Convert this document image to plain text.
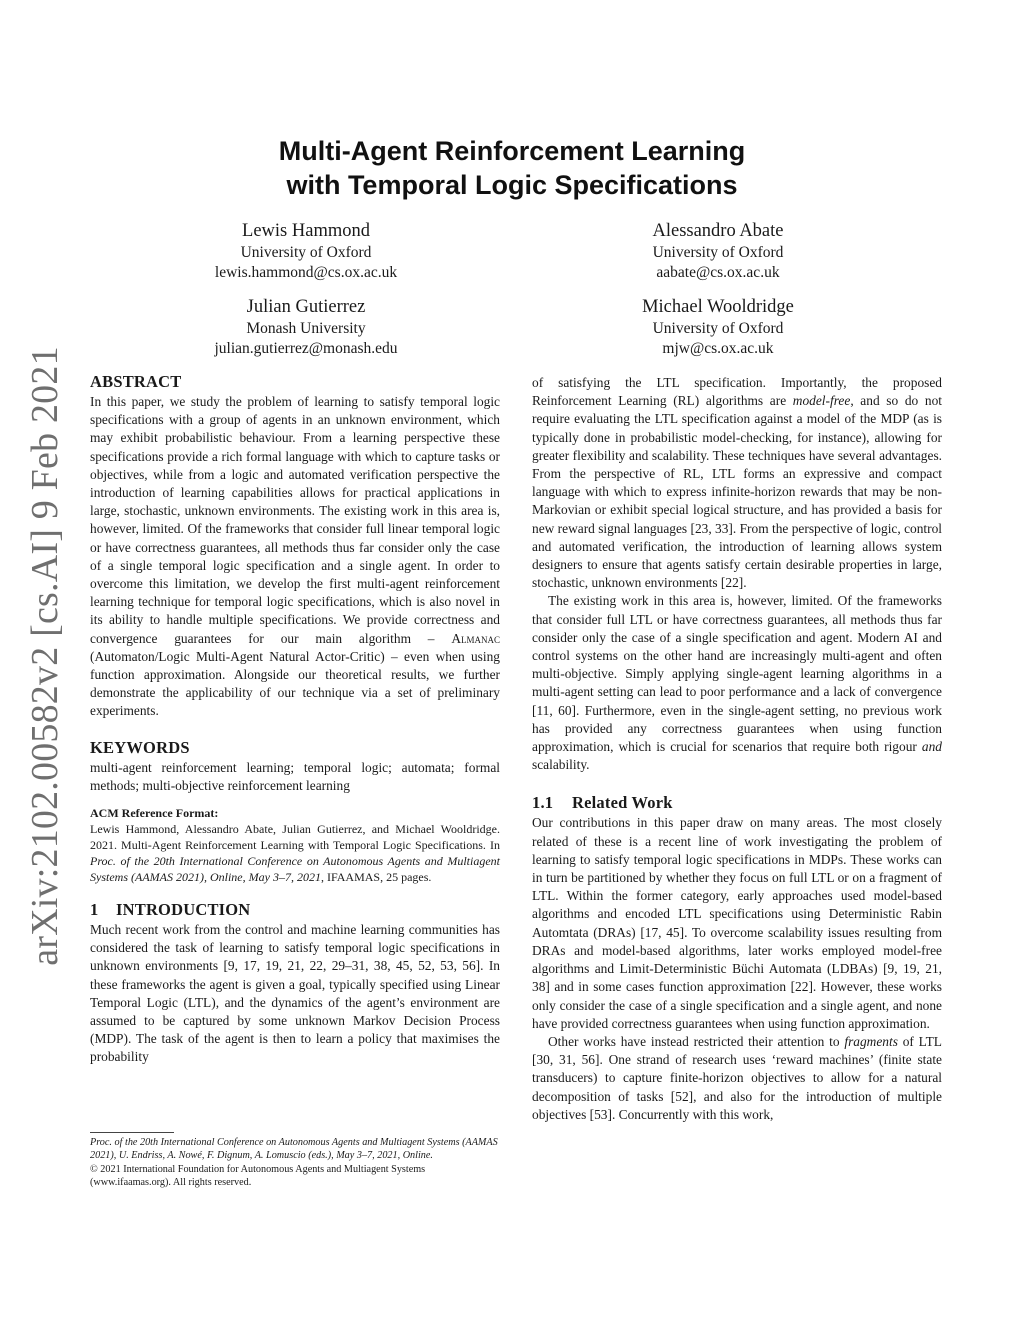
arXiv:2102.00582v2 [cs.AI] 9 Feb 2021
Multi-Agent Reinforcement Learning
with Temporal Logic Specifications
Lewis Hammond
University of Oxford
lewis.hammond@cs.ox.ac.uk
Alessandro Abate
University of Oxford
aabate@cs.ox.ac.uk
Julian Gutierrez
Monash University
julian.gutierrez@monash.edu
Michael Wooldridge
University of Oxford
mjw@cs.ox.ac.uk
ABSTRACT

In this paper, we study the problem of learning to satisfy temporal logic specifications with a group of agents in an unknown environment, which may exhibit probabilistic behaviour. From a learning perspective these specifications provide a rich formal language with which to capture tasks or objectives, while from a logic and automated verification perspective the introduction of learning capabilities allows for practical applications in large, stochastic, unknown environments. The existing work in this area is, however, limited. Of the frameworks that consider full linear temporal logic or have correctness guarantees, all methods thus far consider only the case of a single temporal logic specification and a single agent. In order to overcome this limitation, we develop the first multi-agent reinforcement learning technique for temporal logic specifications, which is also novel in its ability to handle multiple specifications. We provide correctness and convergence guarantees for our main algorithm – Almanac (Automaton/Logic Multi-Agent Natural Actor-Critic) – even when using function approximation. Alongside our theoretical results, we further demonstrate the applicability of our technique via a set of preliminary experiments.

KEYWORDS

multi-agent reinforcement learning; temporal logic; automata; formal methods; multi-objective reinforcement learning

ACM Reference Format:
Lewis Hammond, Alessandro Abate, Julian Gutierrez, and Michael Wooldridge. 2021. Multi-Agent Reinforcement Learning with Temporal Logic Specifications. In Proc. of the 20th International Conference on Autonomous Agents and Multiagent Systems (AAMAS 2021), Online, May 3–7, 2021, IFAAMAS, 25 pages.
1 INTRODUCTION

Much recent work from the control and machine learning communities has considered the task of learning to satisfy temporal logic specifications in unknown environments [9, 17, 19, 21, 22, 29–31, 38, 45, 52, 53, 56]. In these frameworks the agent is given a goal, typically specified using Linear Temporal Logic (LTL), and the dynamics of the agent’s environment are assumed to be captured by some unknown Markov Decision Process (MDP). The task of the agent is then to learn a policy that maximises the probability

Proc. of the 20th International Conference on Autonomous Agents and Multiagent Systems (AAMAS 2021), U. Endriss, A. Nowé, F. Dignum, A. Lomuscio (eds.), May 3–7, 2021, Online.

© 2021 International Foundation for Autonomous Agents and Multiagent Systems (www.ifaamas.org). All rights reserved.

of satisfying the LTL specification. Importantly, the proposed Reinforcement Learning (RL) algorithms are model-free, and so do not require evaluating the LTL specification against a model of the MDP (as is typically done in probabilistic model-checking, for instance), allowing for greater flexibility and scalability. These techniques have several advantages. From the perspective of RL, LTL forms an expressive and compact language with which to express infinite-horizon rewards that may be non-Markovian or exhibit special logical structure, and has provided a basis for new reward signal languages [23, 33]. From the perspective of logic, control and automated verification, the introduction of learning allows system designers to ensure that agents satisfy certain desirable properties in large, stochastic, unknown environments [22].

The existing work in this area is, however, limited. Of the frameworks that consider full LTL or have correctness guarantees, all methods thus far consider only the case of a single specification and agent. Modern AI and control systems on the other hand are increasingly multi-agent and often multi-objective. Simply applying single-agent learning algorithms in a multi-agent setting can lead to poor performance and a lack of convergence [11, 60]. Furthermore, even in the single-agent setting, no previous work has provided any correctness guarantees when using function approximation, which is crucial for scenarios that require both rigour and scalability.

1.1 Related Work

Our contributions in this paper draw on many areas. The most closely related of these is a recent line of work investigating the problem of learning to satisfy temporal logic specifications in MDPs. These works can in turn be partitioned by whether they focus on full LTL or on a fragment of LTL. Within the former category, early approaches used model-based algorithms and encoded LTL specifications using Deterministic Rabin Automtata (DRAs) [17, 45]. To overcome scalability issues resulting from DRAs and model-based algorithms, later works employed model-free algorithms and Limit-Deterministic Büchi Automata (LDBAs) [9, 19, 21, 38] and in some cases function approximation [22]. However, these works only consider the case of a single specification and a single agent, and none have provided correctness guarantees when using function approximation.

Other works have instead restricted their attention to fragments of LTL [30, 31, 56]. One strand of research uses ‘reward machines’ (finite state transducers) to capture finite-horizon objectives to allow for a natural decomposition of tasks [52], and also for the introduction of multiple objectives [53]. Concurrently with this work,
